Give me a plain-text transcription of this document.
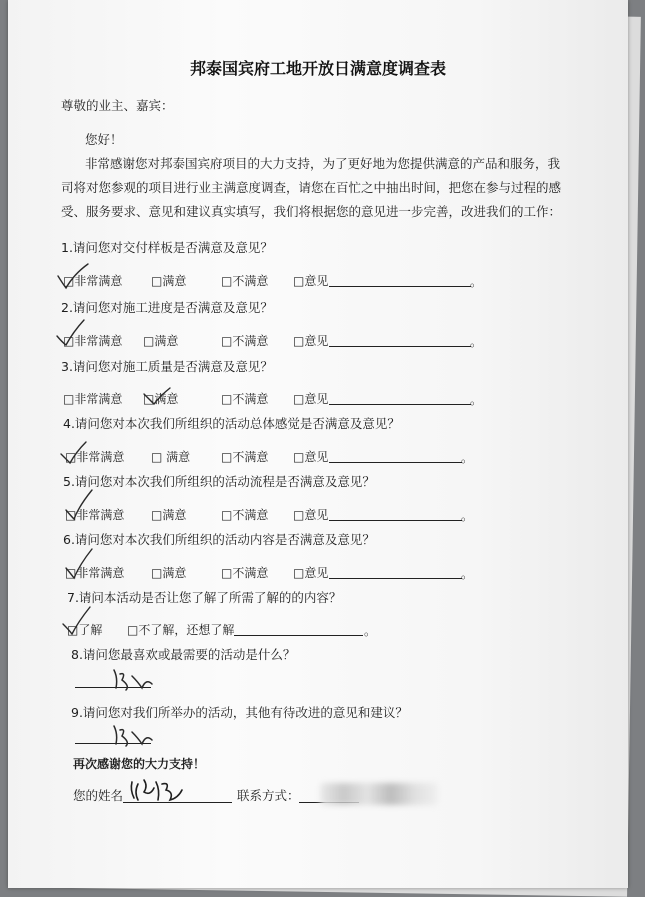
邦泰国宾府工地开放日满意度调查表
尊敬的业主、嘉宾：
您好！
非常感谢您对邦泰国宾府项目的大力支持，为了更好地为您提供满意的产品和服务，我
司将对您参观的项目进行业主满意度调查，请您在百忙之中抽出时间，把您在参与过程的感
受、服务要求、意见和建议真实填写，我们将根据您的意见进一步完善，改进我们的工作：
1.请问您对交付样板是否满意及意见？
□非常满意 □满意	□不满意 □意见	。
2.请问您对施工进度是否满意及意见？
□非常满意 □满意	□不满意 □意见	。
3.请问您对施工质量是否满意及意见？
□非常满意 □满意	□不满意 □意见	。
4.请问您对本次我们所组织的活动总体感觉是否满意及意见？
□非常满意 □ 满意	□不满意 □意见	。
5.请问您对本次我们所组织的活动流程是否满意及意见？
□非常满意 □满意	□不满意 □意见	。
6.请问您对本次我们所组织的活动内容是否满意及意见？
□非常满意 □满意	□不满意 □意见	。
7.请问本活动是否让您了解了所需了解的的内容？
□了解 □不了解，还想了解	。
8.请问您最喜欢或最需要的活动是什么？
9.请问您对我们所举办的活动，其他有待改进的意见和建议？
再次感谢您的大力支持！
您的姓名	联系方式：
